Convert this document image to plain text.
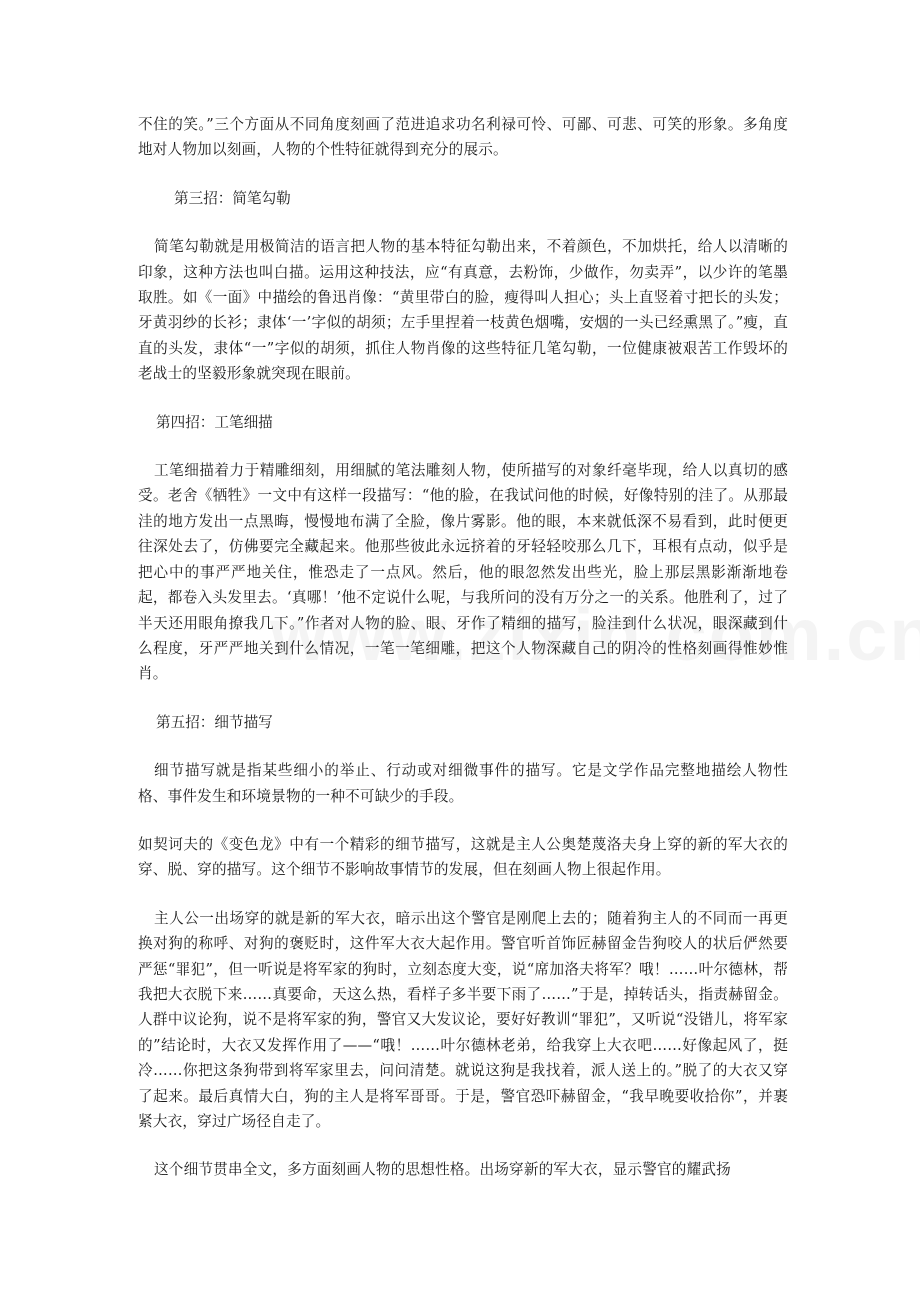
不住的笑。”三个方面从不同角度刻画了范进追求功名利禄可怜、可鄙、可悲、可笑的形象。多角度地对人物加以刻画，人物的个性特征就得到充分的展示。

第三招：简笔勾勒

简笔勾勒就是用极简洁的语言把人物的基本特征勾勒出来，不着颜色，不加烘托，给人以清晰的印象，这种方法也叫白描。运用这种技法，应“有真意，去粉饰，少做作，勿卖弄”，以少许的笔墨取胜。如《一面》中描绘的鲁迅肖像：“黄里带白的脸，瘦得叫人担心；头上直竖着寸把长的头发；牙黄羽纱的长衫；隶体‘一’字似的胡须；左手里捏着一枝黄色烟嘴，安烟的一头已经熏黑了。”瘦，直直的头发，隶体“一”字似的胡须，抓住人物肖像的这些特征几笔勾勒，一位健康被艰苦工作毁坏的老战士的坚毅形象就突现在眼前。

第四招：工笔细描

工笔细描着力于精雕细刻，用细腻的笔法雕刻人物，使所描写的对象纤毫毕现，给人以真切的感受。老舍《牺牲》一文中有这样一段描写：“他的脸，在我试问他的时候，好像特别的洼了。从那最洼的地方发出一点黑晦，慢慢地布满了全脸，像片雾影。他的眼，本来就低深不易看到，此时便更往深处去了，仿佛要完全藏起来。他那些彼此永远挤着的牙轻轻咬那么几下，耳根有点动，似乎是把心中的事严严地关住，惟恐走了一点风。然后，他的眼忽然发出些光，脸上那层黑影渐渐地卷起，都卷入头发里去。‘真哪！’他不定说什么呢，与我所问的没有万分之一的关系。他胜利了，过了半天还用眼角撩我几下。”作者对人物的脸、眼、牙作了精细的描写，脸洼到什么状况，眼深藏到什么程度，牙严严地关到什么情况，一笔一笔细雕，把这个人物深藏自己的阴冷的性格刻画得惟妙惟肖。

第五招：细节描写

细节描写就是指某些细小的举止、行动或对细微事件的描写。它是文学作品完整地描绘人物性格、事件发生和环境景物的一种不可缺少的手段。

如契诃夫的《变色龙》中有一个精彩的细节描写，这就是主人公奥楚蔑洛夫身上穿的新的军大衣的穿、脱、穿的描写。这个细节不影响故事情节的发展，但在刻画人物上很起作用。

主人公一出场穿的就是新的军大衣，暗示出这个警官是刚爬上去的；随着狗主人的不同而一再更换对狗的称呼、对狗的褒贬时，这件军大衣大起作用。警官听首饰匠赫留金告狗咬人的状后俨然要严惩“罪犯”，但一听说是将军家的狗时，立刻态度大变，说“席加洛夫将军？哦！……叶尔德林，帮我把大衣脱下来……真要命，天这么热，看样子多半要下雨了……”于是，掉转话头，指责赫留金。人群中议论狗，说不是将军家的狗，警官又大发议论，要好好教训“罪犯”，又听说“没错儿，将军家的”结论时，大衣又发挥作用了——“哦！……叶尔德林老弟，给我穿上大衣吧……好像起风了，挺冷……你把这条狗带到将军家里去，问问清楚。就说这狗是我找着，派人送上的。”脱了的大衣又穿了起来。最后真情大白，狗的主人是将军哥哥。于是，警官恐吓赫留金，“我早晚要收拾你”，并裹紧大衣，穿过广场径自走了。

这个细节贯串全文，多方面刻画人物的思想性格。出场穿新的军大衣，显示警官的耀武扬
